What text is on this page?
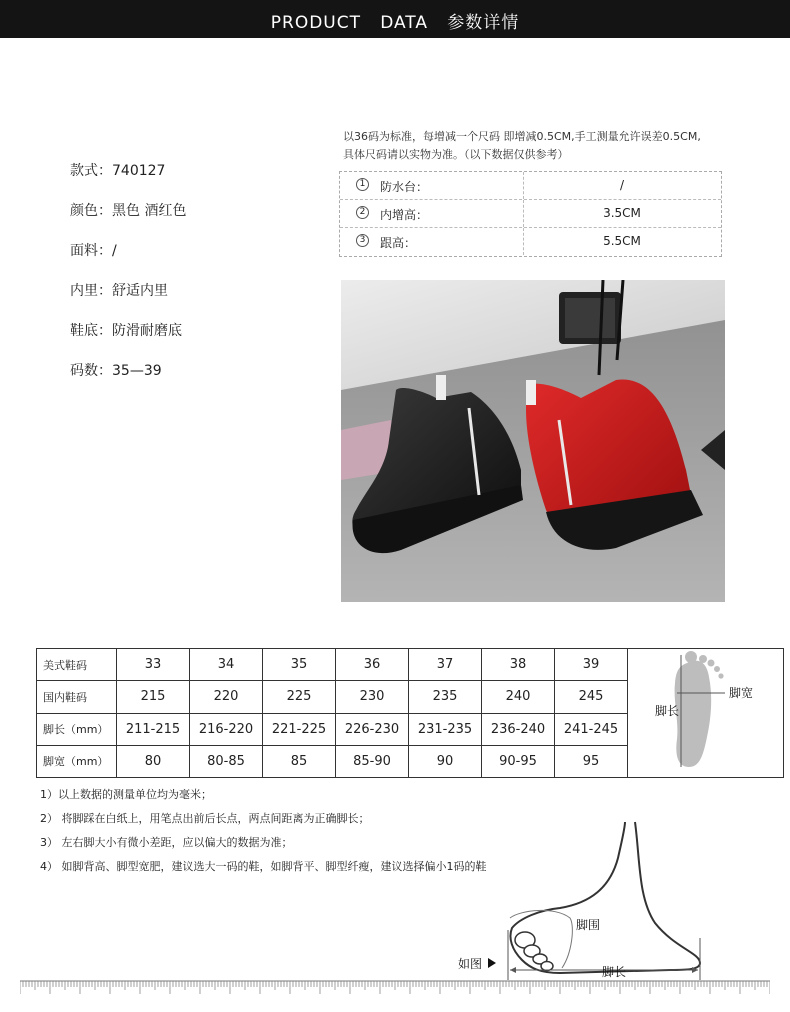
PRODUCT   DATA   参数详情
款式：740127
颜色：黑色 酒红色
面料：/
内里：舒适内里
鞋底：防滑耐磨底
码数：35—39
以36码为标准，每增减一个尺码 即增减0.5CM,手工测量允许误差0.5CM,
具体尺码请以实物为准。（以下数据仅供参考）
1	防水台：	/
2	内增高：	3.5CM
3	跟高：	5.5CM
美式鞋码	33	34	35	36	37	38	39	脚宽
脚长

国内鞋码	215	220	225	230	235	240	245	
脚长（mm）	211-215	216-220	221-225	226-230	231-235	236-240	241-245	
脚宽（mm）	80	80-85	85	85-90	90	90-95	95	
1）以上数据的测量单位均为毫米；
2） 将脚踩在白纸上，用笔点出前后长点，两点间距离为正确脚长；
3） 左右脚大小有微小差距，应以偏大的数据为准；
4） 如脚背高、脚型宽肥，建议选大一码的鞋，如脚背平、脚型纤瘦，建议选择偏小1码的鞋
脚围
脚长
如图
